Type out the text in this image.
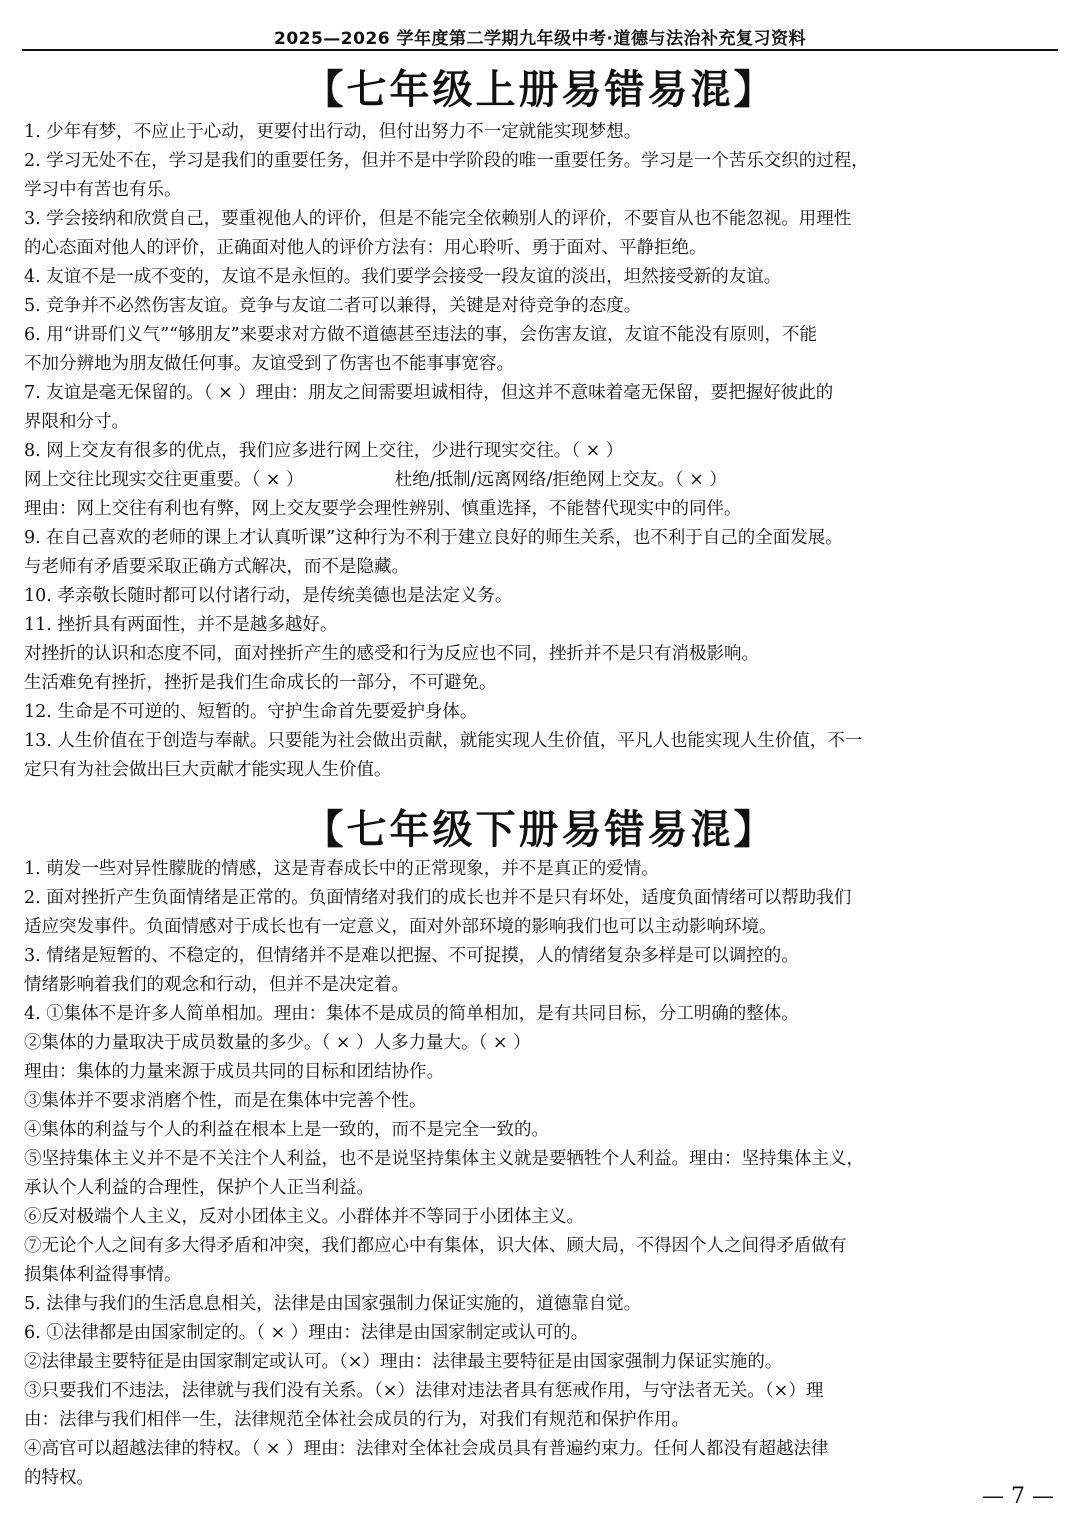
2025—2026 学年度第二学期九年级中考·道德与法治补充复习资料
【七年级上册易错易混】
1. 少年有梦，不应止于心动，更要付出行动，但付出努力不一定就能实现梦想。
2. 学习无处不在，学习是我们的重要任务，但并不是中学阶段的唯一重要任务。学习是一个苦乐交织的过程，
学习中有苦也有乐。
3. 学会接纳和欣赏自己，要重视他人的评价，但是不能完全依赖别人的评价，不要盲从也不能忽视。用理性
的心态面对他人的评价，正确面对他人的评价方法有：用心聆听、勇于面对、平静拒绝。
4. 友谊不是一成不变的，友谊不是永恒的。我们要学会接受一段友谊的淡出，坦然接受新的友谊。
5. 竞争并不必然伤害友谊。竞争与友谊二者可以兼得，关键是对待竞争的态度。
6. 用“讲哥们义气”“够朋友”来要求对方做不道德甚至违法的事，会伤害友谊，友谊不能没有原则，不能
不加分辨地为朋友做任何事。友谊受到了伤害也不能事事宽容。
7. 友谊是毫无保留的。（ × ）理由：朋友之间需要坦诚相待，但这并不意味着毫无保留，要把握好彼此的
界限和分寸。
8. 网上交友有很多的优点，我们应多进行网上交往，少进行现实交往。（ × ）
网上交往比现实交往更重要。（ × ）	杜绝/抵制/远离网络/拒绝网上交友。（ × ）
理由：网上交往有利也有弊，网上交友要学会理性辨别、慎重选择，不能替代现实中的同伴。
9. 在自己喜欢的老师的课上才认真听课”这种行为不利于建立良好的师生关系，也不利于自己的全面发展。
与老师有矛盾要采取正确方式解决，而不是隐藏。
10. 孝亲敬长随时都可以付诸行动，是传统美德也是法定义务。
11. 挫折具有两面性，并不是越多越好。
对挫折的认识和态度不同，面对挫折产生的感受和行为反应也不同，挫折并不是只有消极影响。
生活难免有挫折，挫折是我们生命成长的一部分，不可避免。
12. 生命是不可逆的、短暂的。守护生命首先要爱护身体。
13. 人生价值在于创造与奉献。只要能为社会做出贡献，就能实现人生价值，平凡人也能实现人生价值，不一
定只有为社会做出巨大贡献才能实现人生价值。
【七年级下册易错易混】
1. 萌发一些对异性朦胧的情感，这是青春成长中的正常现象，并不是真正的爱情。
2. 面对挫折产生负面情绪是正常的。负面情绪对我们的成长也并不是只有坏处，适度负面情绪可以帮助我们
适应突发事件。负面情感对于成长也有一定意义，面对外部环境的影响我们也可以主动影响环境。
3. 情绪是短暂的、不稳定的，但情绪并不是难以把握、不可捉摸，人的情绪复杂多样是可以调控的。
情绪影响着我们的观念和行动，但并不是决定着。
4. ①集体不是许多人简单相加。理由：集体不是成员的简单相加，是有共同目标，分工明确的整体。
②集体的力量取决于成员数量的多少。（ × ）人多力量大。（ × ）
理由：集体的力量来源于成员共同的目标和团结协作。
③集体并不要求消磨个性，而是在集体中完善个性。
④集体的利益与个人的利益在根本上是一致的，而不是完全一致的。
⑤坚持集体主义并不是不关注个人利益，也不是说坚持集体主义就是要牺牲个人利益。理由：坚持集体主义，
承认个人利益的合理性，保护个人正当利益。
⑥反对极端个人主义，反对小团体主义。小群体并不等同于小团体主义。
⑦无论个人之间有多大得矛盾和冲突，我们都应心中有集体，识大体、顾大局，不得因个人之间得矛盾做有
损集体利益得事情。
5. 法律与我们的生活息息相关，法律是由国家强制力保证实施的，道德靠自觉。
6. ①法律都是由国家制定的。（ × ）理由：法律是由国家制定或认可的。
②法律最主要特征是由国家制定或认可。（×）理由：法律最主要特征是由国家强制力保证实施的。
③只要我们不违法，法律就与我们没有关系。（×）法律对违法者具有惩戒作用，与守法者无关。（×）理
由：法律与我们相伴一生，法律规范全体社会成员的行为，对我们有规范和保护作用。
④高官可以超越法律的特权。（ × ）理由：法律对全体社会成员具有普遍约束力。任何人都没有超越法律
的特权。
— 7 —
